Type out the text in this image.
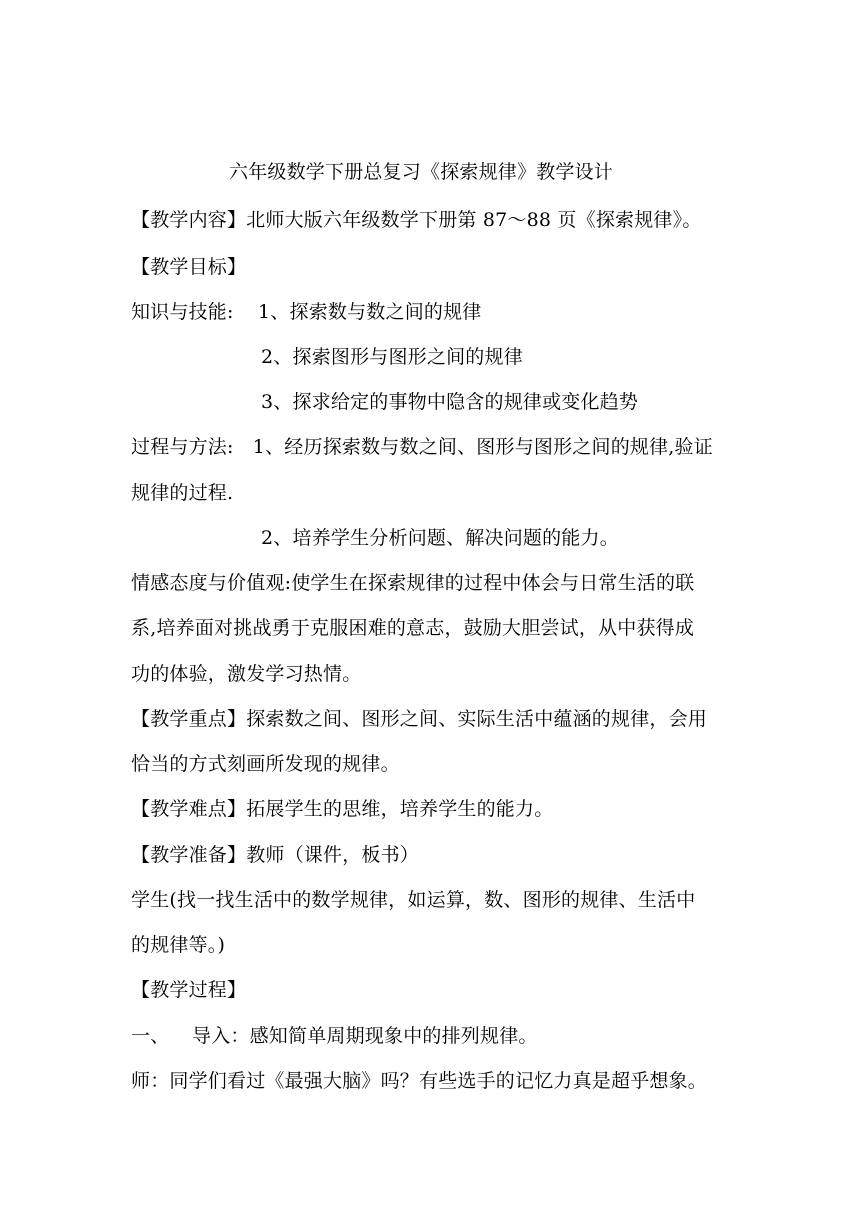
六年级数学下册总复习《探索规律》教学设计

【教学内容】北师大版六年级数学下册第 87～88 页《探索规律》。

【教学目标】

知识与技能: 1、探索数与数之间的规律

2、探索图形与图形之间的规律

3、探求给定的事物中隐含的规律或变化趋势

过程与方法:　1、经历探索数与数之间、图形与图形之间的规律,验证

规律的过程.

2、培养学生分析问题、解决问题的能力。

情感态度与价值观:使学生在探索规律的过程中体会与日常生活的联

系,培养面对挑战勇于克服困难的意志，鼓励大胆尝试，从中获得成

功的体验，激发学习热情。

【教学重点】探索数之间、图形之间、实际生活中蕴涵的规律，会用

恰当的方式刻画所发现的规律。

【教学难点】拓展学生的思维，培养学生的能力。

【教学准备】教师（课件，板书）

学生(找一找生活中的数学规律，如运算，数、图形的规律、生活中

的规律等。)

【教学过程】

一、 导入：感知简单周期现象中的排列规律。

师：同学们看过《最强大脑》吗？有些选手的记忆力真是超乎想象。
